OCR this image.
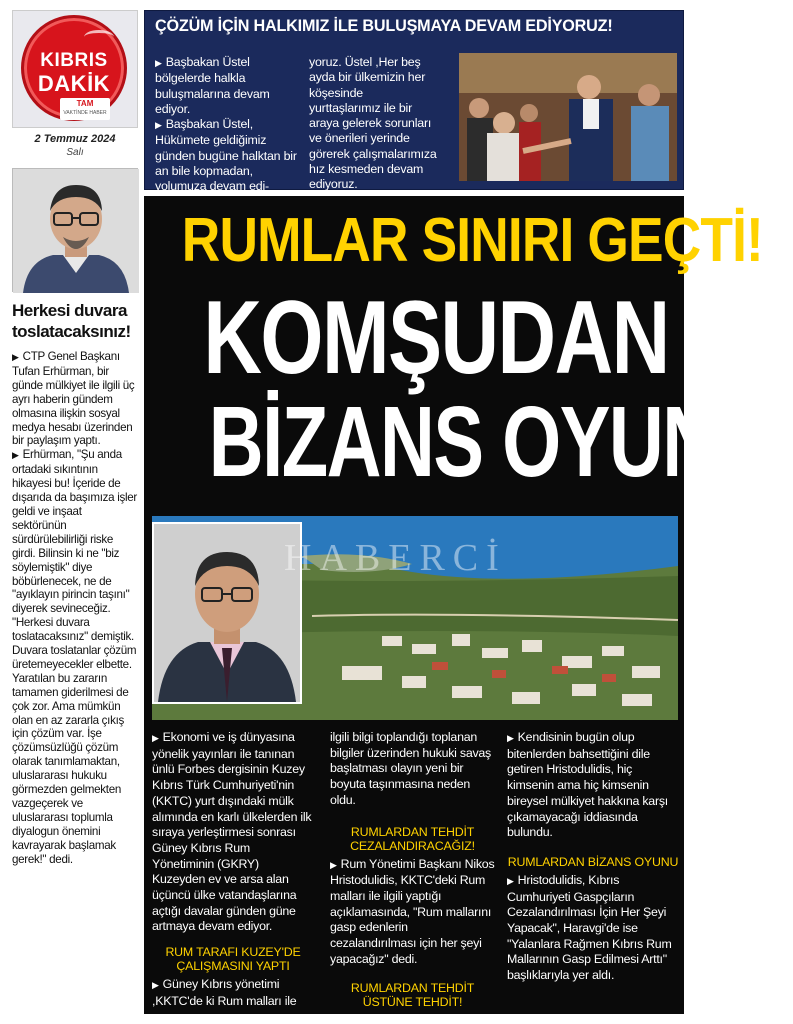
KIBRIS
DAKİK
TAM
VAKTİNDE HABER
2 Temmuz 2024
Salı
Herkesi duvara toslatacaksınız!

▶ CTP Genel Başkanı Tufan Erhürman, bir günde mülkiyet ile ilgili üç ayrı haberin gündem olmasına ilişkin sosyal medya hesabı üzerinden bir paylaşım yaptı.

▶ Erhürman, "Şu anda ortadaki sıkıntının hikayesi bu! İçeride de dışarıda da başımıza işler geldi ve inşaat sektörünün sürdürülebilirliği riske girdi. Bilinsin ki ne "biz söylemiştik" diye böbürlenecek, ne de "ayıklayın pirincin taşını" diyerek sevineceğiz. "Herkesi duvara toslatacaksınız" demiştik. Duvara toslatanlar çözüm üretemeyecekler elbette. Yaratılan bu zararın tamamen giderilmesi de çok zor. Ama mümkün olan en az zararla çıkış için çözüm var. İşe çözümsüzlüğü çözüm olarak tanımlamaktan, uluslararası hukuku görmezden gelmekten vazgeçerek ve uluslararası toplumla diyalogun önemini kavrayarak başlamak gerek!" dedi.

ÇÖZÜM İÇİN HALKIMIZ İLE BULUŞMAYA DEVAM EDİYORUZ!

▶ Başbakan Üstel bölgelerde halkla buluşmalarına devam ediyor.

▶ Başbakan Üstel, Hükümete geldiğimiz günden bugüne halktan bir an bile kopmadan, yolumuza devam edi-

yoruz. Üstel ,Her beş ayda bir ülkemizin her köşesinde yurttaşlarımız ile bir araya gelerek sorunları ve önerileri yerinde görerek çalışmalarımıza hız kesmeden devam ediyoruz.
RUMLAR SINIRI GEÇTİ!
KOMŞUDAN
BİZANS OYUNU!
HABERCİ

▶ Ekonomi ve iş dünyasına yönelik yayınları ile tanınan ünlü Forbes dergisinin Kuzey Kıbrıs Türk Cumhuriyeti'nin (KKTC) yurt dışındaki mülk alımında en karlı ülkelerden ilk sıraya yerleştirmesi sonrası Güney Kıbrıs Rum Yönetiminin (GKRY) Kuzeyden ev ve arsa alan üçüncü ülke vatandaşlarına açtığı davalar günden güne artmaya devam ediyor.

RUM TARAFI KUZEY'DE ÇALIŞMASINI YAPTI

▶ Güney Kıbrıs yönetimi ,KKTC'de ki Rum malları ile

ilgili bilgi toplandığı toplanan bilgiler üzerinden hukuki savaş başlatması olayın yeni bir boyuta taşınmasına neden oldu.

RUMLARDAN TEHDİT CEZALANDIRACAĞIZ!

▶ Rum Yönetimi Başkanı Nikos Hristodulidis, KKTC'deki Rum malları ile ilgili yaptığı açıklamasında, "Rum mallarını gasp edenlerin cezalandırılması için her şeyi yapacağız" dedi.

RUMLARDAN TEHDİT ÜSTÜNE TEHDİT!

▶ Kendisinin bugün olup bitenlerden bahsettiğini dile getiren Hristodulidis, hiç kimsenin ama hiç kimsenin bireysel mülkiyet hakkına karşı çıkamayacağı iddiasında bulundu.

RUMLARDAN BİZANS OYUNU

▶ Hristodulidis, Kıbrıs Cumhuriyeti Gaspçıların Cezalandırılması İçin Her Şeyi Yapacak", Haravgi'de ise "Yalanlara Rağmen Kıbrıs Rum Mallarının Gasp Edilmesi Arttı" başlıklarıyla yer aldı.
